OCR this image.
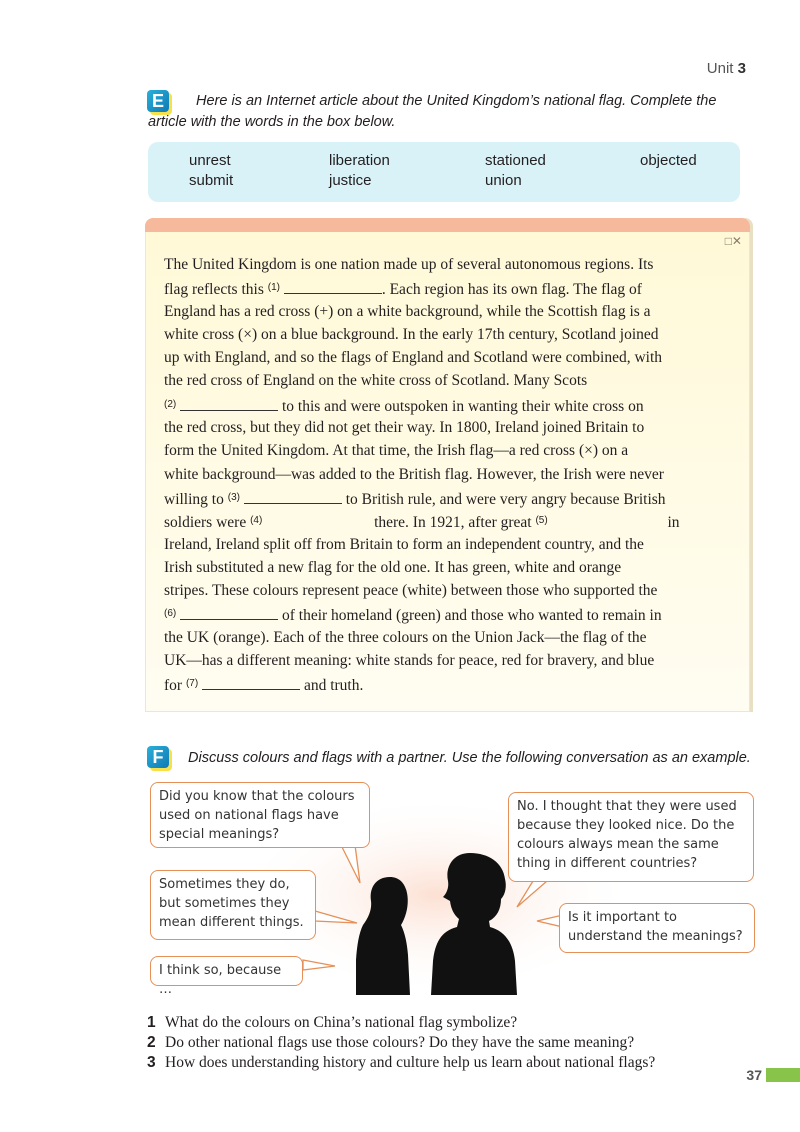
Unit 3
E	Here is an Internet article about the United Kingdom’s national flag. Complete the
article with the words in the box below.
unrest	liberation	stationed	objected
submit	justice	union
□✕
The United Kingdom is one nation made up of several autonomous regions. Its
flag reflects this $^{(1)}$	. Each region has its own flag. The flag of
England has a red cross (+) on a white background, while the Scottish flag is a
white cross (×) on a blue background. In the early 17th century, Scotland joined
up with England, and so the flags of England and Scotland were combined, with
the red cross of England on the white cross of Scotland. Many Scots
$^{(2)}$	to this and were outspoken in wanting their white cross on
the red cross, but they did not get their way. In 1800, Ireland joined Britain to
form the United Kingdom. At that time, the Irish flag—a red cross (×) on a
white background—was added to the British flag. However, the Irish were never
willing to $^{(3)}$	to British rule, and were very angry because British
soldiers were $^{(4)}$	there. In 1921, after great $^{(5)}$	in
Ireland, Ireland split off from Britain to form an independent country, and the
Irish substituted a new flag for the old one. It has green, white and orange
stripes. These colours represent peace (white) between those who supported the
$^{(6)}$	of their homeland (green) and those who wanted to remain in
the UK (orange). Each of the three colours on the Union Jack—the flag of the
UK—has a different meaning: white stands for peace, red for bravery, and blue
for $^{(7)}$	and truth.
F	Discuss colours and flags with a partner. Use the following conversation as an example.
Did you know that the colours used on national flags have special meanings?
No. I thought that they were used because they looked nice. Do the colours always mean the same thing in different countries?
Sometimes they do, but sometimes they mean different things.	Is it important to understand the meanings?
I think so, because …
1 What do the colours on China’s national flag symbolize?
2 Do other national flags use those colours? Do they have the same meaning?
3 How does understanding history and culture help us learn about national flags?
37
